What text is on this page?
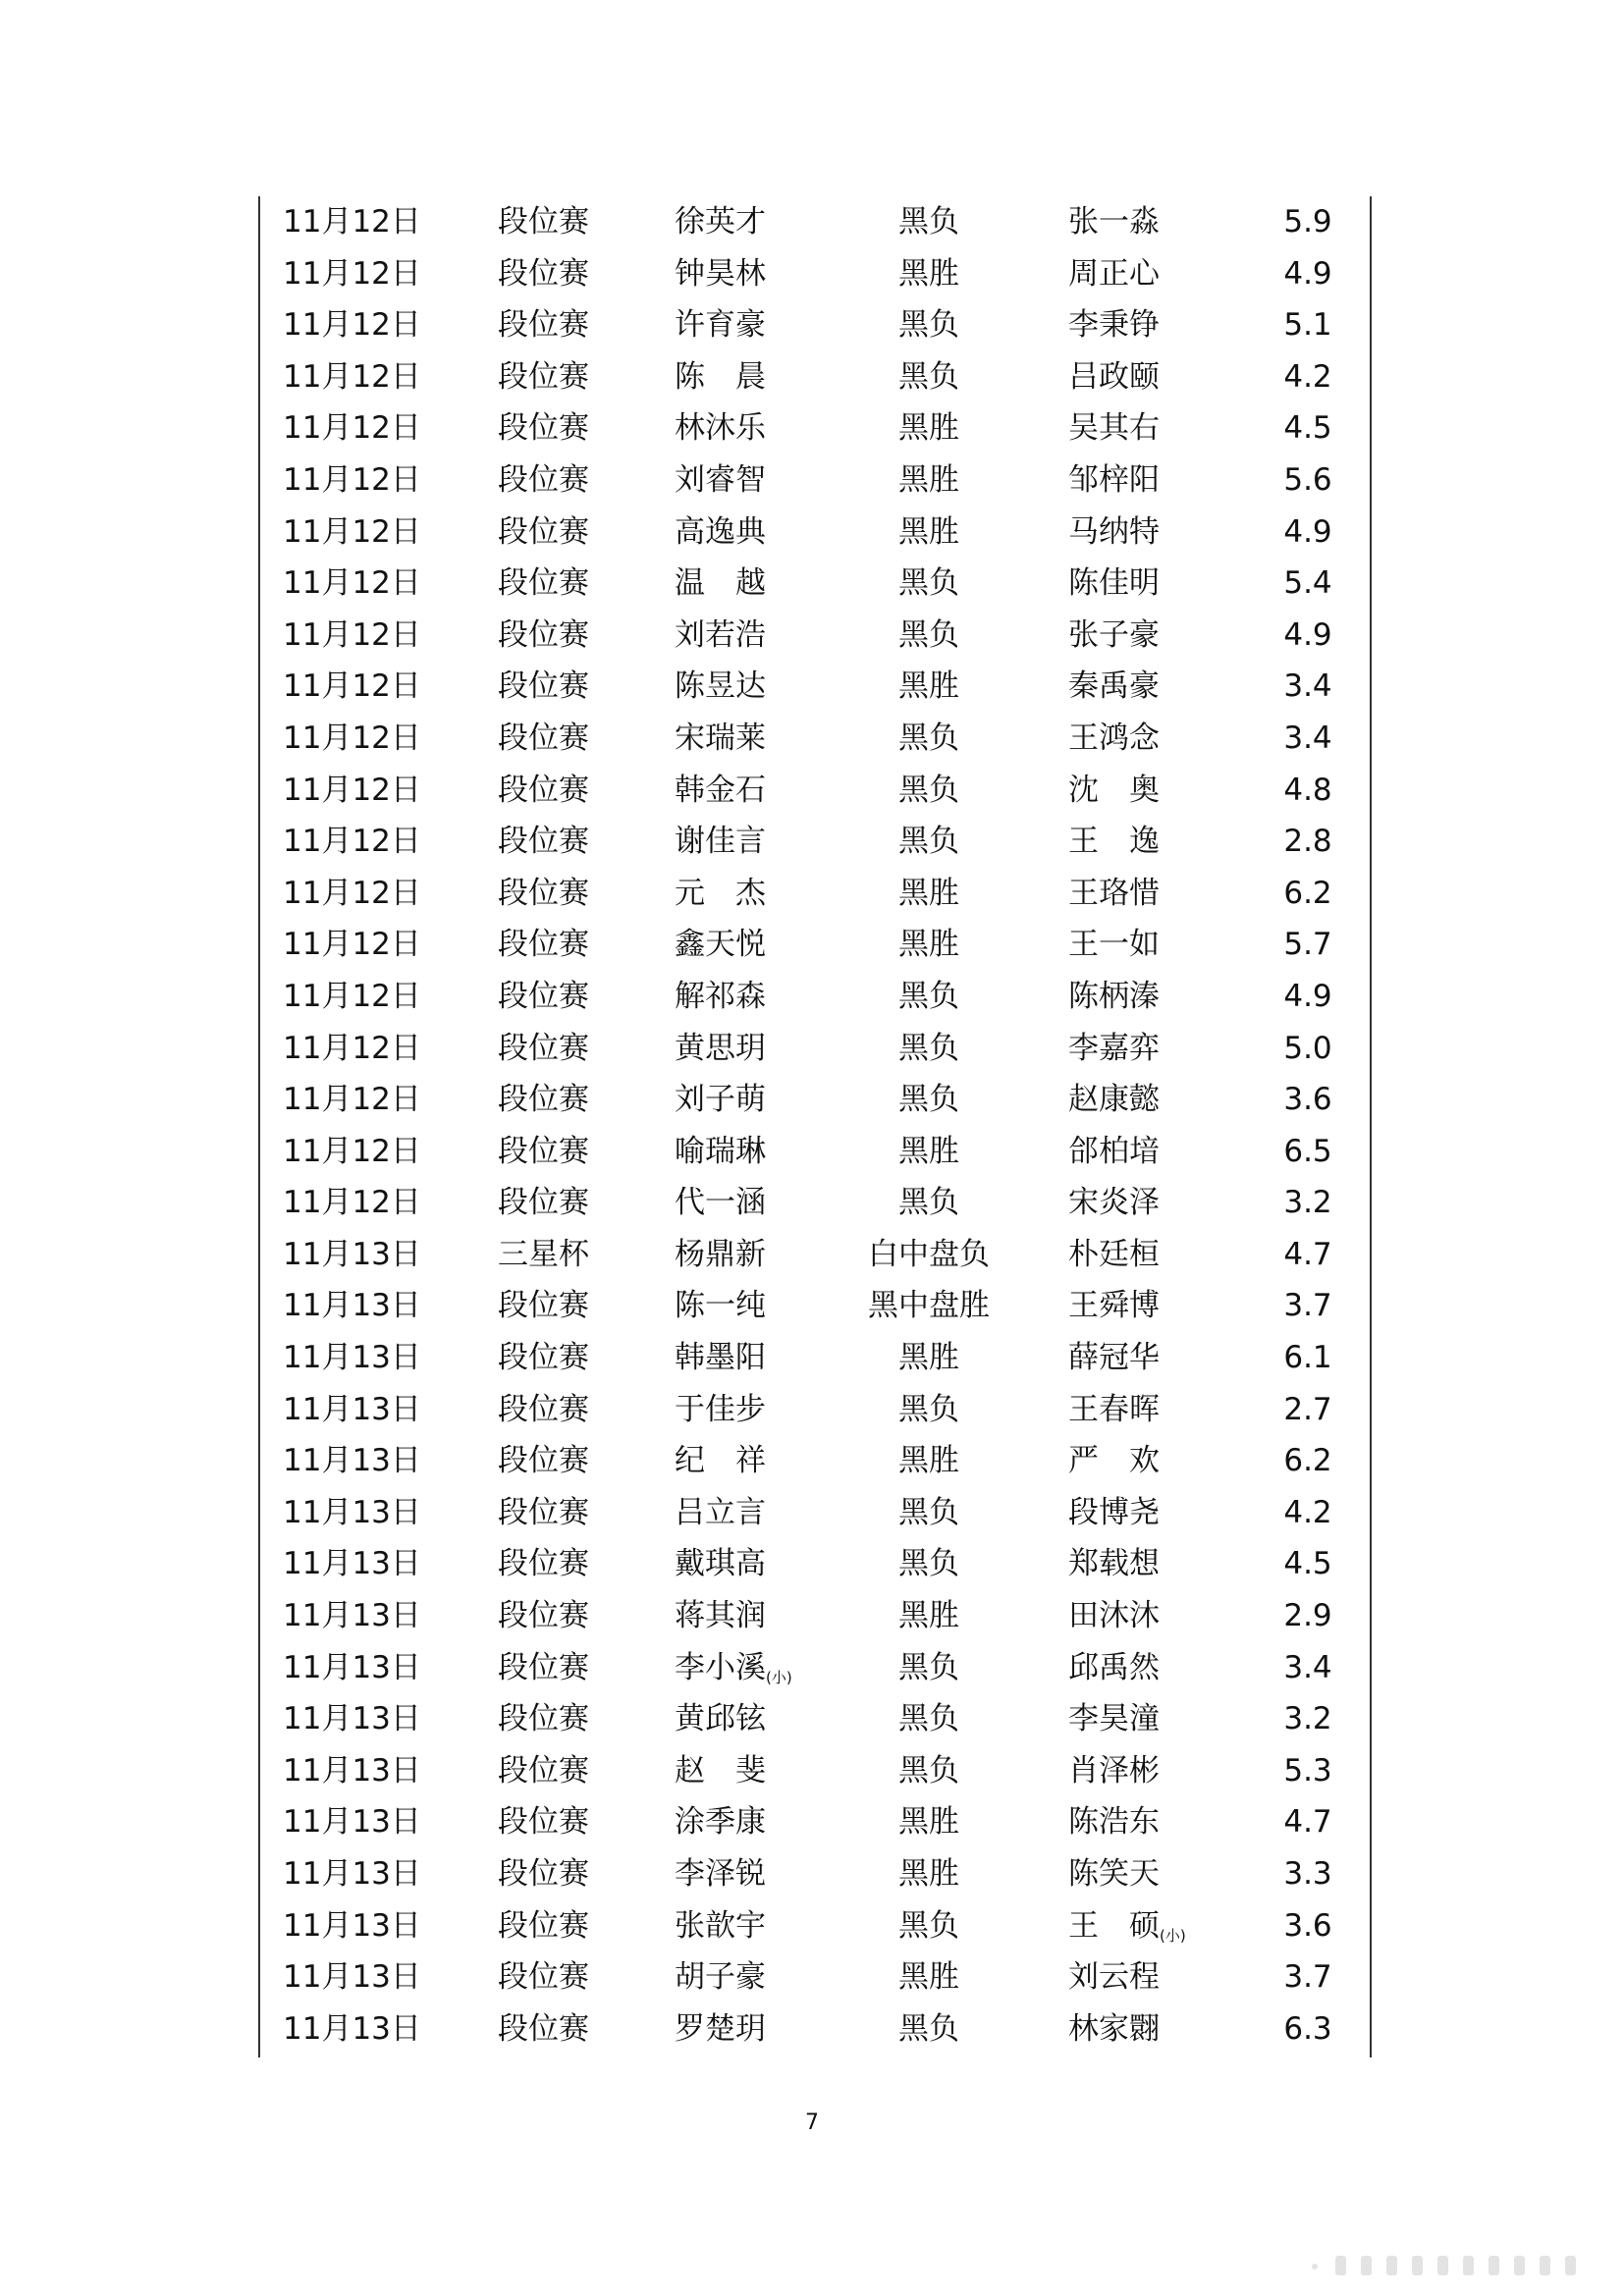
11月12日	段位赛	徐英才	黑负	张一淼	5.9
11月12日	段位赛	钟昊林	黑胜	周正心	4.9
11月12日	段位赛	许育豪	黑负	李秉铮	5.1
11月12日	段位赛	陈　晨	黑负	吕政颐	4.2
11月12日	段位赛	林沐乐	黑胜	吴其右	4.5
11月12日	段位赛	刘睿智	黑胜	邹梓阳	5.6
11月12日	段位赛	高逸典	黑胜	马纳特	4.9
11月12日	段位赛	温　越	黑负	陈佳明	5.4
11月12日	段位赛	刘若浩	黑负	张子豪	4.9
11月12日	段位赛	陈昱达	黑胜	秦禹豪	3.4
11月12日	段位赛	宋瑞莱	黑负	王鸿念	3.4
11月12日	段位赛	韩金石	黑负	沈　奥	4.8
11月12日	段位赛	谢佳言	黑负	王　逸	2.8
11月12日	段位赛	元　杰	黑胜	王珞惜	6.2
11月12日	段位赛	鑫天悦	黑胜	王一如	5.7
11月12日	段位赛	解祁森	黑负	陈柄溱	4.9
11月12日	段位赛	黄思玥	黑负	李嘉弈	5.0
11月12日	段位赛	刘子萌	黑负	赵康懿	3.6
11月12日	段位赛	喻瑞琳	黑胜	郃柏堷	6.5
11月12日	段位赛	代一涵	黑负	宋炎泽	3.2
11月13日	三星杯	杨鼎新	白中盘负	朴廷桓	4.7
11月13日	段位赛	陈一纯	黑中盘胜	王舜博	3.7
11月13日	段位赛	韩墨阳	黑胜	薛冠华	6.1
11月13日	段位赛	于佳步	黑负	王春晖	2.7
11月13日	段位赛	纪　祥	黑胜	严　欢	6.2
11月13日	段位赛	吕立言	黑负	段博尧	4.2
11月13日	段位赛	戴琪高	黑负	郑载想	4.5
11月13日	段位赛	蒋其润	黑胜	田沐沐	2.9
11月13日	段位赛	李小溪 (小)	黑负	邱禹然	3.4
11月13日	段位赛	黄邱铉	黑负	李昊潼	3.2
11月13日	段位赛	赵　斐	黑负	肖泽彬	5.3
11月13日	段位赛	涂季康	黑胜	陈浩东	4.7
11月13日	段位赛	李泽锐	黑胜	陈笑天	3.3
11月13日	段位赛	张歆宇	黑负	王　硕 (小)	3.6
11月13日	段位赛	胡子豪	黑胜	刘云程	3.7
11月13日	段位赛	罗楚玥	黑负	林家翾	6.3
7
